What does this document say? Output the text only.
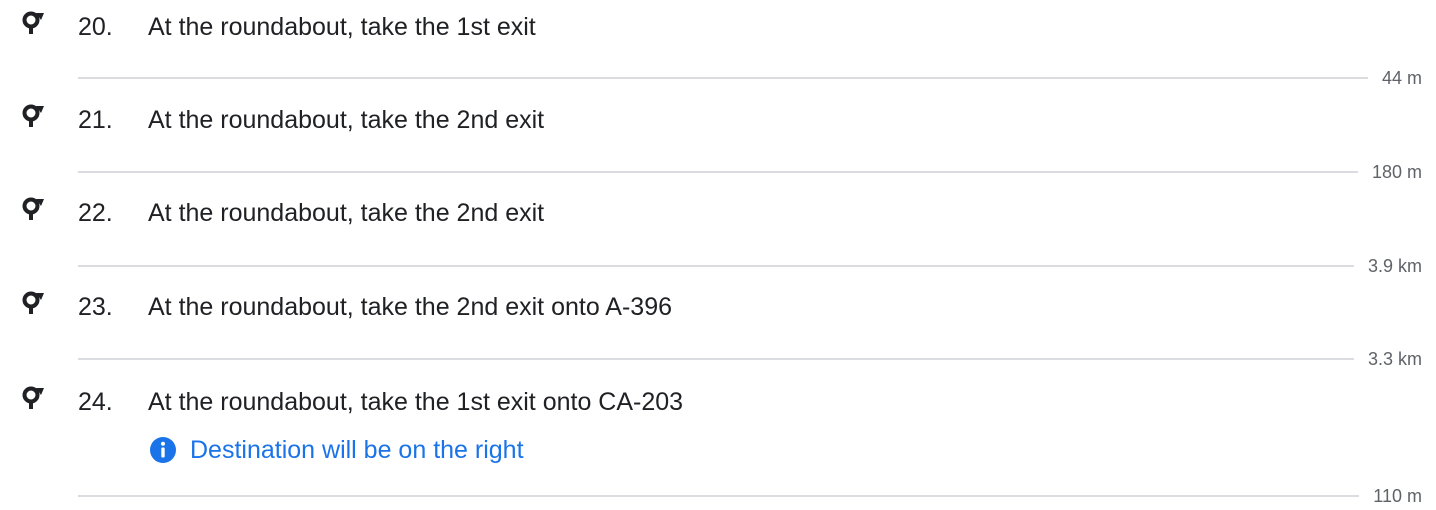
20. At the roundabout, take the 1st exit
44 m
21. At the roundabout, take the 2nd exit
180 m
22. At the roundabout, take the 2nd exit
3.9 km
23. At the roundabout, take the 2nd exit onto A-396
3.3 km
24. At the roundabout, take the 1st exit onto CA-203
Destination will be on the right
110 m
